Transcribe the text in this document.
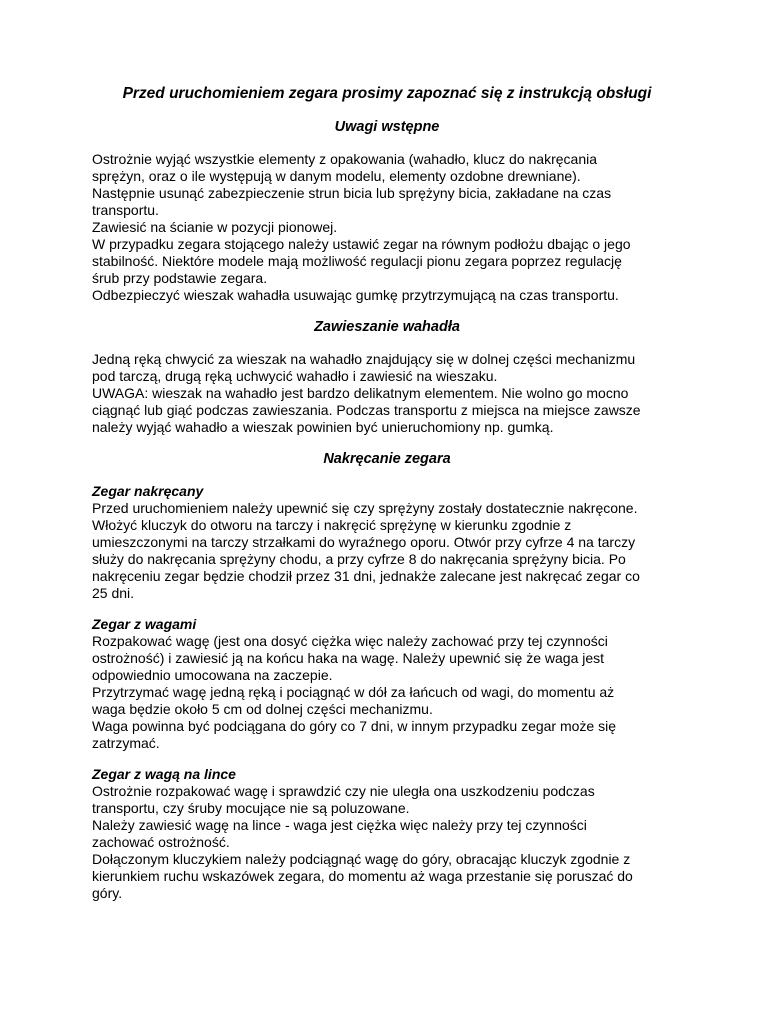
Przed uruchomieniem zegara prosimy zapoznać się z instrukcją obsługi
Uwagi wstępne
Ostrożnie wyjąć wszystkie elementy z opakowania (wahadło, klucz do nakręcania
sprężyn, oraz o ile występują w danym modelu, elementy ozdobne drewniane).
Następnie usunąć zabezpieczenie strun bicia lub sprężyny bicia, zakładane na czas
transportu.
Zawiesić na ścianie w pozycji pionowej.
W przypadku zegara stojącego należy ustawić zegar na równym podłożu dbając o jego
stabilność. Niektóre modele mają możliwość regulacji pionu zegara poprzez regulację
śrub przy podstawie zegara.
Odbezpieczyć wieszak wahadła usuwając gumkę przytrzymującą na czas transportu.
Zawieszanie wahadła
Jedną ręką chwycić za wieszak na wahadło znajdujący się w dolnej części mechanizmu
pod tarczą, drugą ręką uchwycić wahadło i zawiesić na wieszaku.
UWAGA: wieszak na wahadło jest bardzo delikatnym elementem. Nie wolno go mocno
ciągnąć lub giąć podczas zawieszania. Podczas transportu z miejsca na miejsce zawsze
należy wyjąć wahadło a wieszak powinien być unieruchomiony np. gumką.
Nakręcanie zegara
Zegar nakręcany
Przed uruchomieniem należy upewnić się czy sprężyny zostały dostatecznie nakręcone.
Włożyć kluczyk do otworu na tarczy i nakręcić sprężynę w kierunku zgodnie z
umieszczonymi na tarczy strzałkami do wyraźnego oporu. Otwór przy cyfrze 4 na tarczy
służy do nakręcania sprężyny chodu, a przy cyfrze 8 do nakręcania sprężyny bicia. Po
nakręceniu zegar będzie chodził przez 31 dni, jednakże zalecane jest nakręcać zegar co
25 dni.
Zegar z wagami
Rozpakować wagę (jest ona dosyć ciężka więc należy zachować przy tej czynności
ostrożność) i zawiesić ją na końcu haka na wagę. Należy upewnić się że waga jest
odpowiednio umocowana na zaczepie.
Przytrzymać wagę jedną ręką i pociągnąć w dół za łańcuch od wagi, do momentu aż
waga będzie około 5 cm od dolnej części mechanizmu.
Waga powinna być podciągana do góry co 7 dni, w innym przypadku zegar może się
zatrzymać.
Zegar z wagą na lince
Ostrożnie rozpakować wagę i sprawdzić czy nie uległa ona uszkodzeniu podczas
transportu, czy śruby mocujące nie są poluzowane.
Należy zawiesić wagę na lince - waga jest ciężka więc należy przy tej czynności
zachować ostrożność.
Dołączonym kluczykiem należy podciągnąć wagę do góry, obracając kluczyk zgodnie z
kierunkiem ruchu wskazówek zegara, do momentu aż waga przestanie się poruszać do
góry.
